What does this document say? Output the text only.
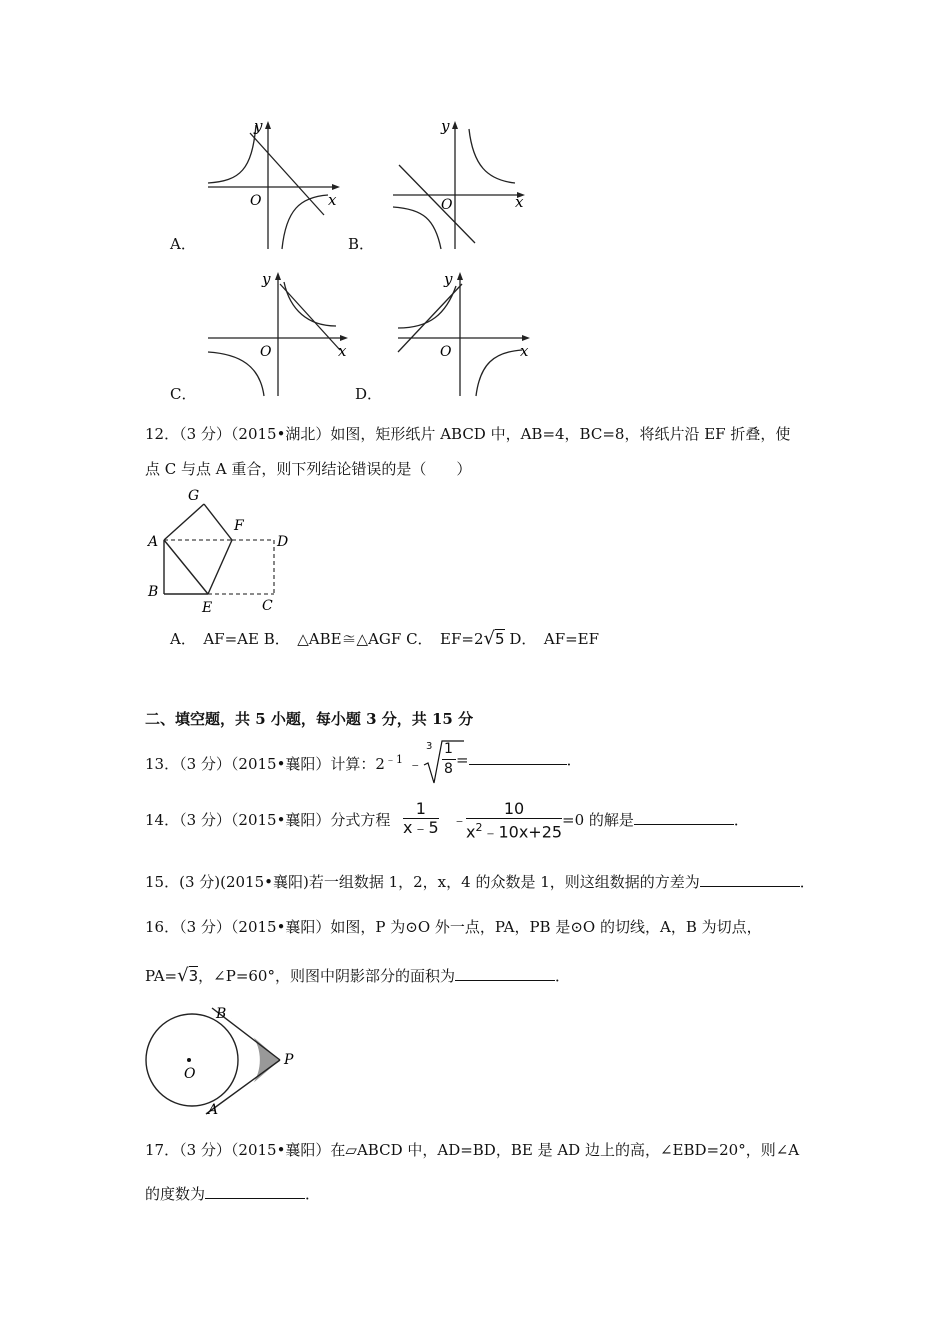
y
x
O
A．
y
x
O
B．
y
x
O
C．
y
x
O
D．
12．（3 分）（2015•湖北）如图，矩形纸片 ABCD 中，AB=4，BC=8，将纸片沿 EF 折叠，使
点 C 与点 A 重合，则下列结论错误的是（　　）
G
F
A	D
B
E	C
A．　AF=AE B．　△ABE≅△AGF C．　EF=2√5 D．　AF=EF
二、填空题，共 5 小题，每小题 3 分，共 15 分
13．（3 分）（2015•襄阳）计算：$2^{﹣1}$ ﹣
3 1
8 =	．
14．（3 分）（2015•襄阳）分式方程 $\frac{1}{x﹣5}$ ﹣
$\frac{10}{x^2﹣10x+25} =0$ 的解是	．
15．(3 分)(2015•襄阳)若一组数据 1，2，x，4 的众数是 1，则这组数据的方差为	．
16．（3 分）（2015•襄阳）如图，P 为⊙O 外一点，PA，PB 是⊙O 的切线，A，B 为切点，
PA=√3，∠P=60°，则图中阴影部分的面积为	．
B
P
O
A
17．（3 分）（2015•襄阳）在▱ABCD 中，AD=BD，BE 是 AD 边上的高，∠EBD=20°，则∠A
的度数为	．
